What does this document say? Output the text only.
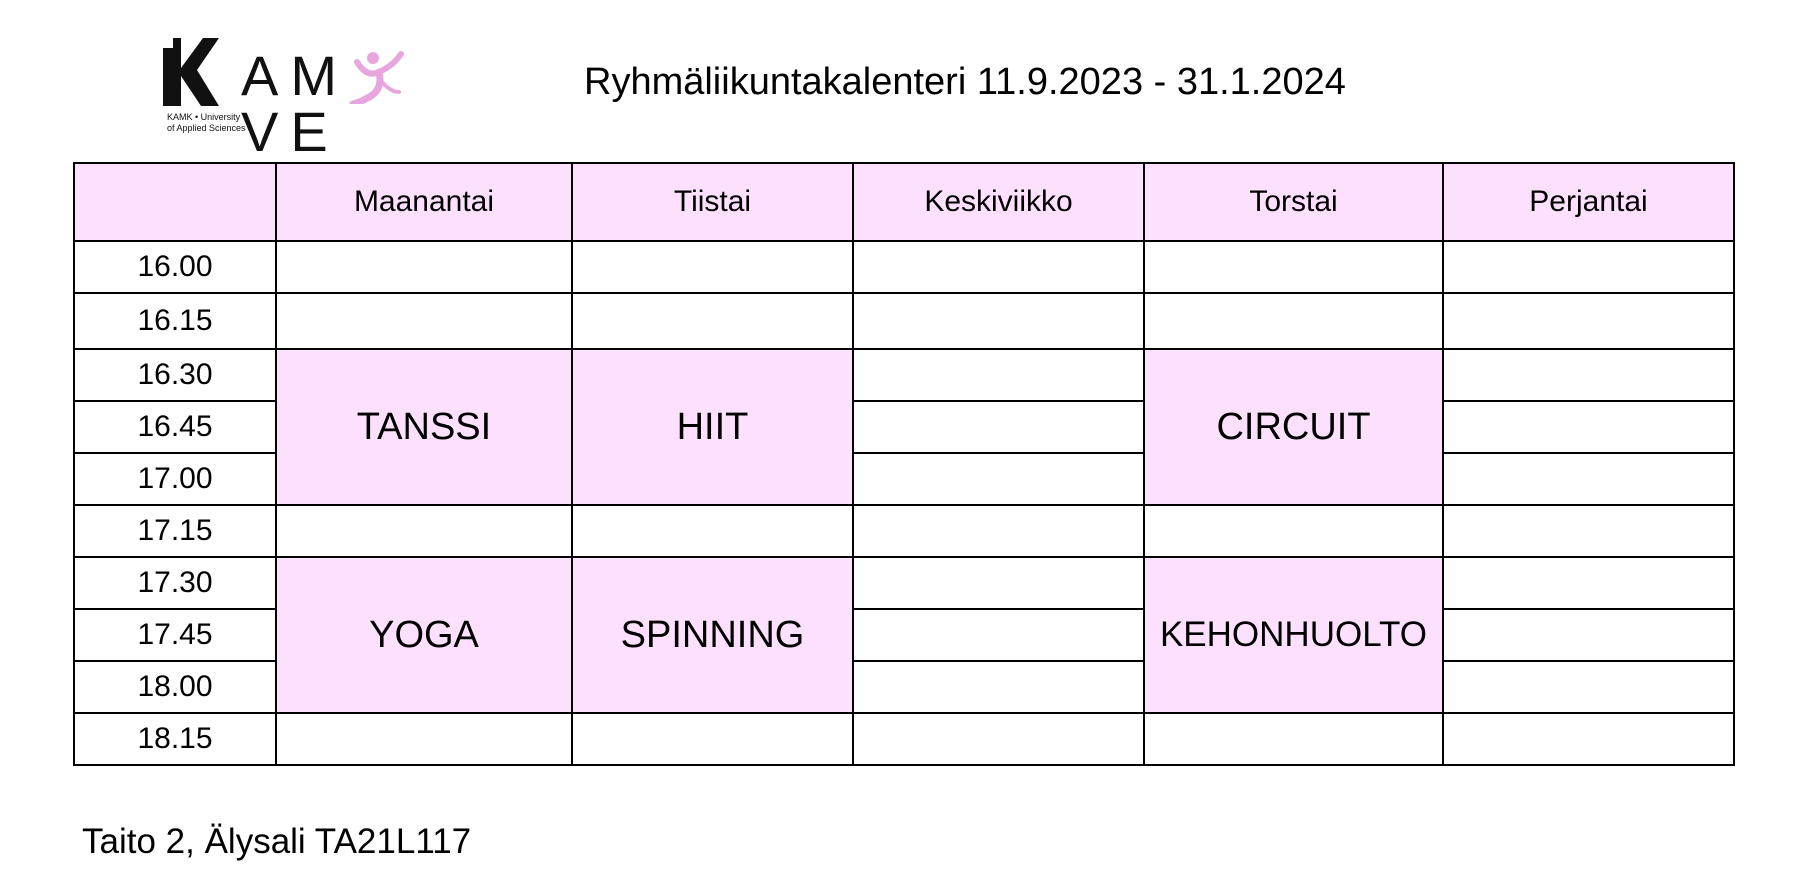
AMVE
KAMK • University
of Applied Sciences
Ryhmäliikuntakalenteri 11.9.2023 - 31.1.2024
	Maanantai	Tiistai	Keskiviikko	Torstai	Perjantai
16.00					
16.15					
16.30	TANSSI	HIIT		CIRCUIT	
16.45					
17.00					
17.15					
17.30	YOGA	SPINNING		KEHONHUOLTO	
17.45					
18.00					
18.15					
Taito 2, Älysali TA21L117
